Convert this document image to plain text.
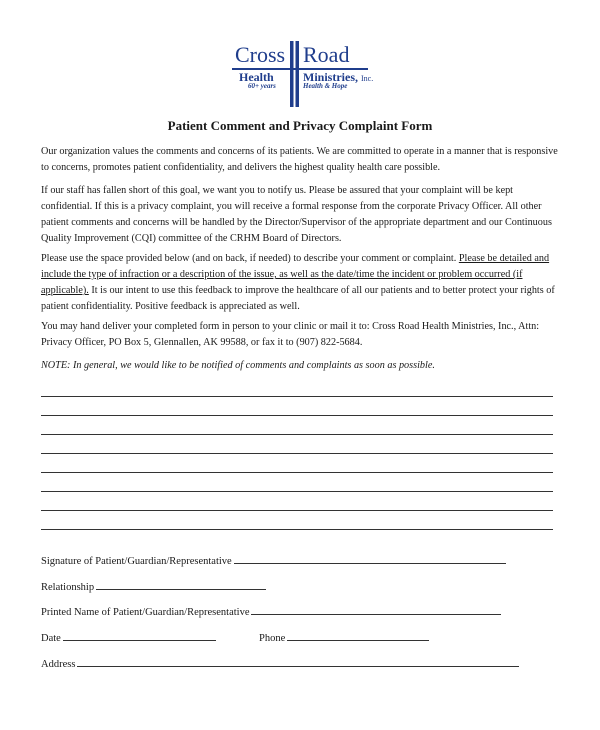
Cross Road
Health Ministries, Inc.
60+ years	Health & Hope
Patient Comment and Privacy Complaint Form

Our organization values the comments and concerns of its patients. We are committed to operate in a manner that is responsive to concerns, promotes patient confidentiality, and delivers the highest quality health care possible.

If our staff has fallen short of this goal, we want you to notify us. Please be assured that your complaint will be kept confidential. If this is a privacy complaint, you will receive a formal response from the corporate Privacy Officer. All other patient comments and concerns will be handled by the Director/Supervisor of the appropriate department and our Continuous Quality Improvement (CQI) committee of the CRHM Board of Directors.

Please use the space provided below (and on back, if needed) to describe your comment or complaint. Please be detailed and include the type of infraction or a description of the issue, as well as the date/time the incident or problem occurred (if applicable). It is our intent to use this feedback to improve the healthcare of all our patients and to better protect your rights of patient confidentiality. Positive feedback is appreciated as well.

You may hand deliver your completed form in person to your clinic or mail it to: Cross Road Health Ministries, Inc., Attn: Privacy Officer, PO Box 5, Glennallen, AK 99588, or fax it to (907) 822-5684.

NOTE: In general, we would like to be notified of comments and complaints as soon as possible.

Signature of Patient/Guardian/Representative
Relationship
Printed Name of Patient/Guardian/Representative
Date	Phone
Address
